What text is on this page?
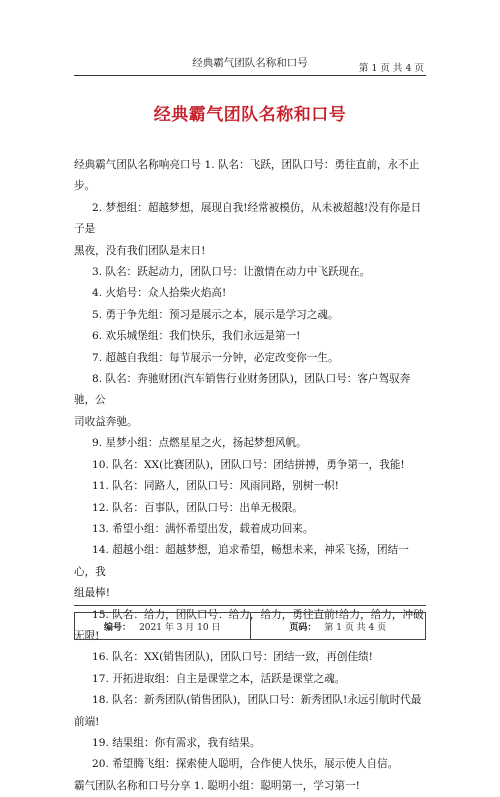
经典霸气团队名称和口号	第 1 页 共 4 页
经典霸气团队名称和口号

经典霸气团队名称响亮口号 1. 队名：飞跃，团队口号：勇往直前，永不止

步。

2. 梦想组：超越梦想，展现自我!经常被模仿，从未被超越!没有你是日子是

黑夜，没有我们团队是末日!

3. 队名：跃起动力，团队口号：让激情在动力中飞跃现在。

4. 火焰号：众人拾柴火焰高!

5. 勇于争先组：预习是展示之本，展示是学习之魂。

6. 欢乐城堡组：我们快乐，我们永远是第一!

7. 超越自我组：每节展示一分钟，必定改变你一生。

8. 队名：奔驰财团(汽车销售行业财务团队)，团队口号：客户驾驭奔驰，公

司收益奔驰。

9. 星梦小组：点燃星星之火，扬起梦想风帆。

10. 队名：XX(比赛团队)，团队口号：团结拼搏，勇争第一，我能!

11. 队名：同路人，团队口号：风雨同路，别树一帜!

12. 队名：百事队，团队口号：出单无极限。

13. 希望小组：满怀希望出发，载着成功回来。

14. 超越小组：超越梦想，追求希望，畅想未来，神采飞扬，团结一心，我

组最棒!

15. 队名：给力，团队口号：给力，给力，勇往直前!给力，给力，冲破无限!

16. 队名：XX(销售团队)，团队口号：团结一致，再创佳绩!

17. 开拓进取组：自主是课堂之本，活跃是课堂之魂。

18. 队名：新秀团队(销售团队)，团队口号：新秀团队!永远引航时代最前端!

19. 结果组：你有需求，我有结果。

20. 希望腾飞组：探索使人聪明，合作使人快乐，展示使人自信。

霸气团队名称和口号分享 1. 聪明小组：聪明第一，学习第一!

编号： 2021 年 3 月 10 日	页码： 第 1 页 共 4 页
